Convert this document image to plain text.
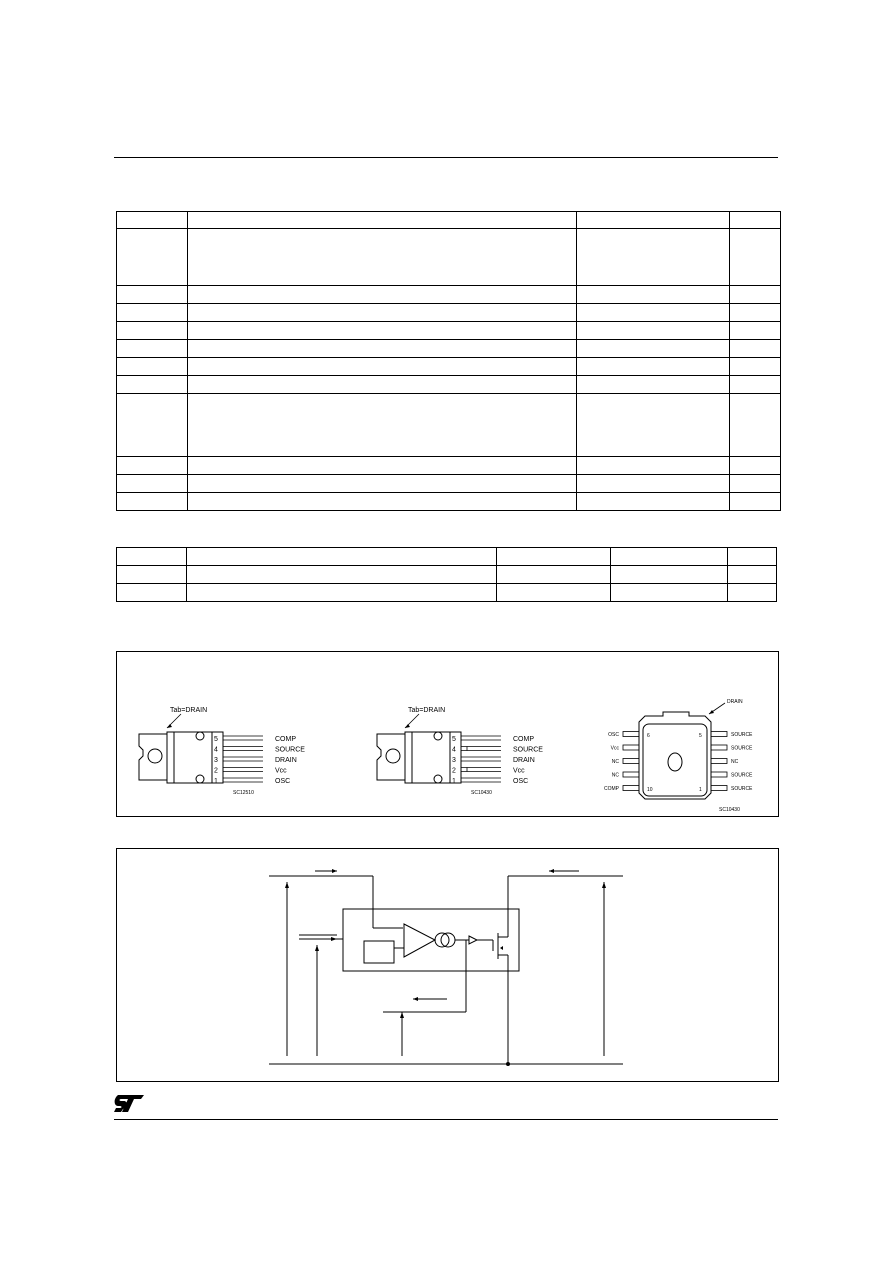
Tab=DRAIN
5	COMP
4	SOURCE
3	DRAIN
2	Vcc
1	OSC
SC12510
Tab=DRAIN
5	COMP
4	SOURCE
3	DRAIN
2	Vcc
1	OSC
SC10430
DRAIN
OSC
Vcc
NC
NC
COMP
SOURCE
SOURCE
NC
SOURCE
SOURCE
6	5
10	1
SC10430
